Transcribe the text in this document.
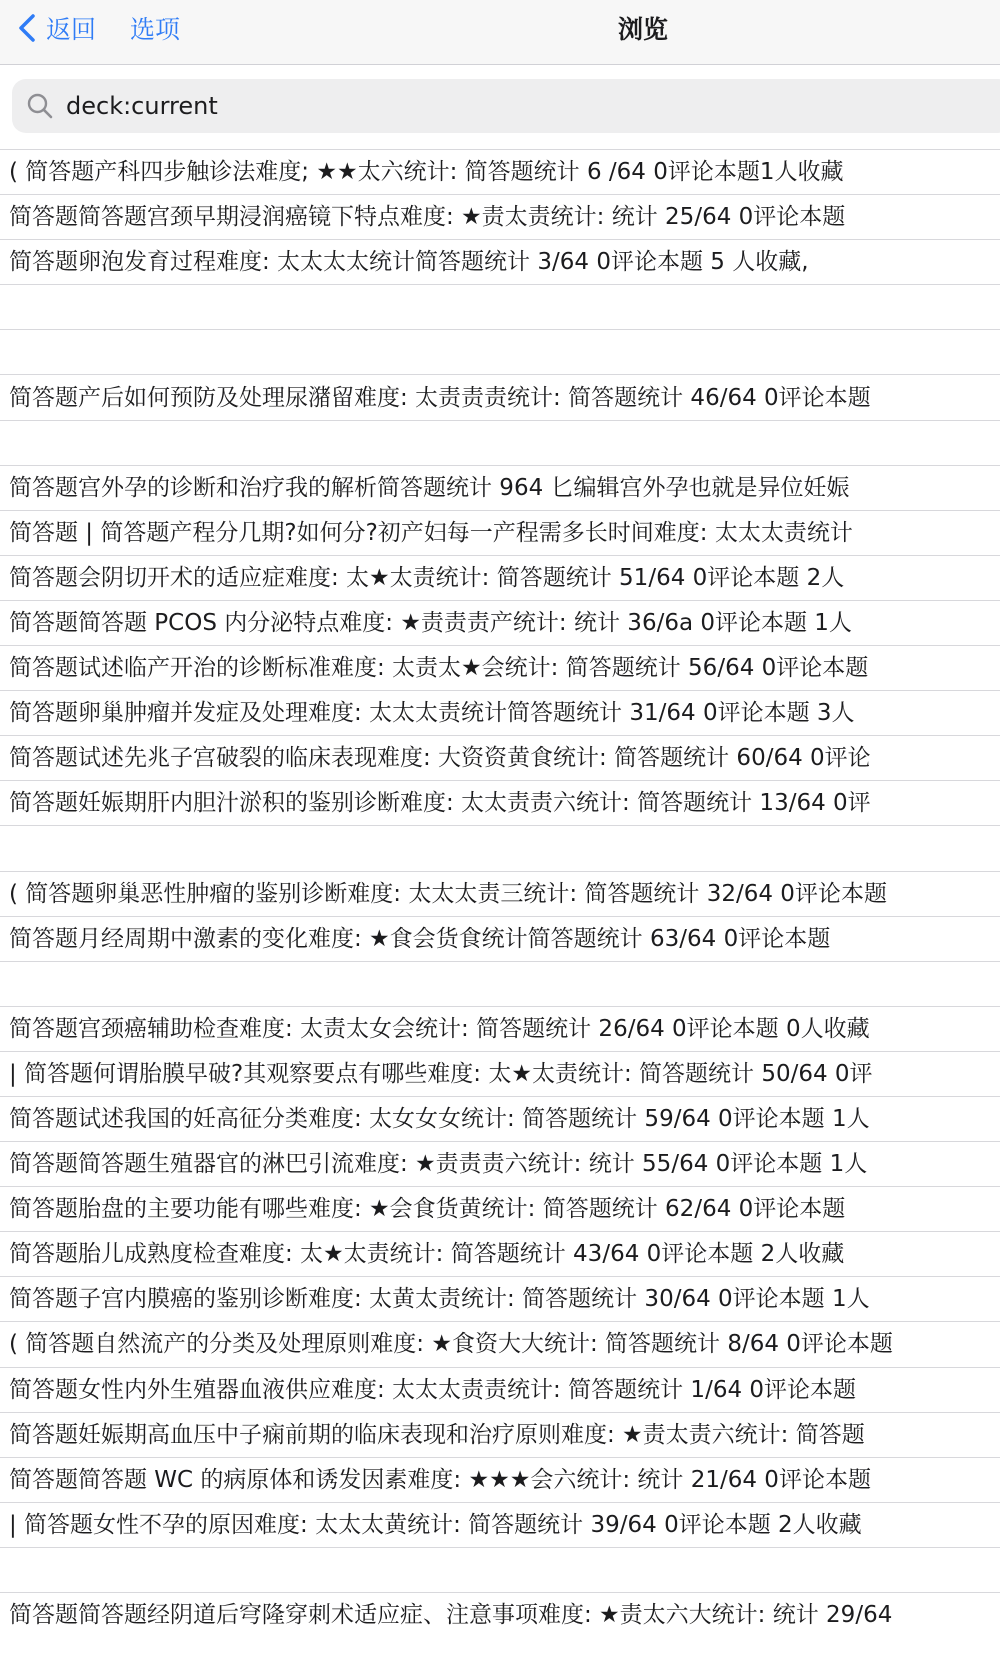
返回 选项	浏览
deck:current
( 简答题产科四步触诊法难度; ★★太六统计: 简答题统计 6 /64 0评论本题1人收藏
简答题简答题宫颈早期浸润癌镜下特点难度: ★责太责统计: 统计 25/64 0评论本题
简答题卵泡发育过程难度: 太太太太统计简答题统计 3/64 0评论本题 5 人收藏,
简答题产后如何预防及处理尿潴留难度: 太责责责统计: 简答题统计 46/64 0评论本题
简答题宫外孕的诊断和治疗我的解析简答题统计 964 匕编辑宫外孕也就是异位妊娠
简答题 | 简答题产程分几期?如何分?初产妇每一产程需多长时间难度: 太太太责统计
简答题会阴切开术的适应症难度: 太★太责统计: 简答题统计 51/64 0评论本题 2人
简答题简答题 PCOS 内分泌特点难度: ★责责责产统计: 统计 36/6a 0评论本题 1人
简答题试述临产开治的诊断标准难度: 太责太★会统计: 简答题统计 56/64 0评论本题
简答题卵巢肿瘤并发症及处理难度: 太太太责统计简答题统计 31/64 0评论本题 3人
简答题试述先兆子宫破裂的临床表现难度: 大资资黄食统计: 简答题统计 60/64 0评论
简答题妊娠期肝内胆汁淤积的鉴别诊断难度: 太太责责六统计: 简答题统计 13/64 0评
( 简答题卵巢恶性肿瘤的鉴别诊断难度: 太太太责三统计: 简答题统计 32/64 0评论本题
简答题月经周期中激素的变化难度: ★食会货食统计简答题统计 63/64 0评论本题
简答题宫颈癌辅助检查难度: 太责太女会统计: 简答题统计 26/64 0评论本题 0人收藏
| 简答题何谓胎膜早破?其观察要点有哪些难度: 太★太责统计: 简答题统计 50/64 0评
简答题试述我国的妊高征分类难度: 太女女女统计: 简答题统计 59/64 0评论本题 1人
简答题简答题生殖器官的淋巴引流难度: ★责责责六统计: 统计 55/64 0评论本题 1人
简答题胎盘的主要功能有哪些难度: ★会食货黄统计: 简答题统计 62/64 0评论本题
简答题胎儿成熟度检查难度: 太★太责统计: 简答题统计 43/64 0评论本题 2人收藏
简答题子宫内膜癌的鉴别诊断难度: 太黄太责统计: 简答题统计 30/64 0评论本题 1人
( 简答题自然流产的分类及处理原则难度: ★食资大大统计: 简答题统计 8/64 0评论本题
简答题女性内外生殖器血液供应难度: 太太太责责统计: 简答题统计 1/64 0评论本题
简答题妊娠期高血压中子痫前期的临床表现和治疗原则难度: ★责太责六统计: 简答题
简答题简答题 WC 的病原体和诱发因素难度: ★★★会六统计: 统计 21/64 0评论本题
| 简答题女性不孕的原因难度: 太太太黄统计: 简答题统计 39/64 0评论本题 2人收藏
简答题简答题经阴道后穹隆穿刺术适应症、注意事项难度: ★责太六大统计: 统计 29/64
